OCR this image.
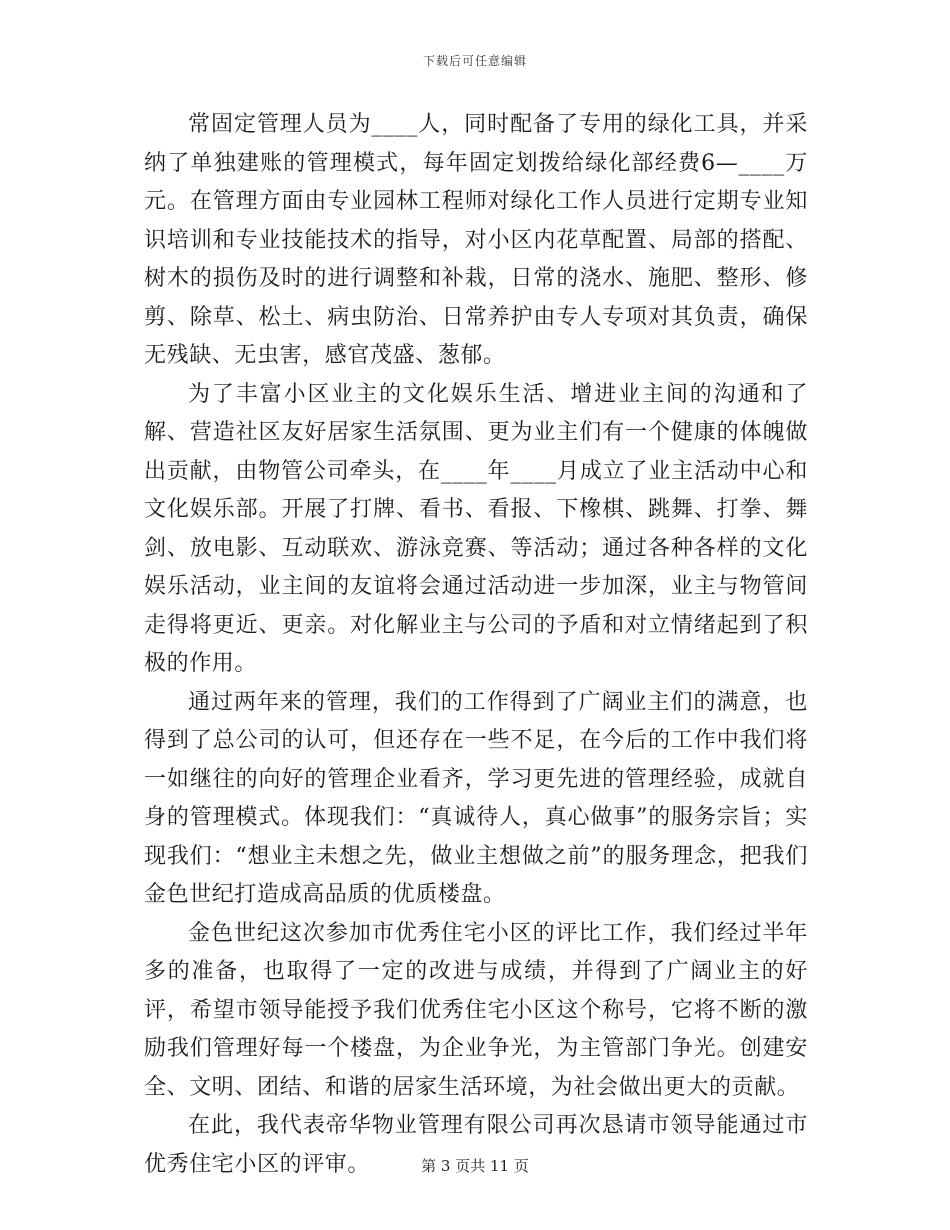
下载后可任意编辑

常固定管理人员为____人，同时配备了专用的绿化工具，并采纳了单独建账的管理模式，每年固定划拨给绿化部经费6—____万元。在管理方面由专业园林工程师对绿化工作人员进行定期专业知识培训和专业技能技术的指导，对小区内花草配置、局部的搭配、树木的损伤及时的进行调整和补栽，日常的浇水、施肥、整形、修剪、除草、松土、病虫防治、日常养护由专人专项对其负责，确保无残缺、无虫害，感官茂盛、葱郁。

为了丰富小区业主的文化娱乐生活、增进业主间的沟通和了解、营造社区友好居家生活氛围、更为业主们有一个健康的体魄做出贡献，由物管公司牵头，在____年____月成立了业主活动中心和文化娱乐部。开展了打牌、看书、看报、下橡棋、跳舞、打拳、舞剑、放电影、互动联欢、游泳竞赛、等活动；通过各种各样的文化娱乐活动，业主间的友谊将会通过活动进一步加深，业主与物管间走得将更近、更亲。对化解业主与公司的予盾和对立情绪起到了积极的作用。

通过两年来的管理，我们的工作得到了广阔业主们的满意，也得到了总公司的认可，但还存在一些不足，在今后的工作中我们将一如继往的向好的管理企业看齐，学习更先进的管理经验，成就自身的管理模式。体现我们：“真诚待人，真心做事”的服务宗旨；实现我们：“想业主未想之先，做业主想做之前”的服务理念，把我们金色世纪打造成高品质的优质楼盘。

金色世纪这次参加市优秀住宅小区的评比工作，我们经过半年多的准备，也取得了一定的改进与成绩，并得到了广阔业主的好评，希望市领导能授予我们优秀住宅小区这个称号，它将不断的激励我们管理好每一个楼盘，为企业争光，为主管部门争光。创建安全、文明、团结、和谐的居家生活环境，为社会做出更大的贡献。

在此，我代表帝华物业管理有限公司再次恳请市领导能通过市优秀住宅小区的评审。	第 3 页共 11 页
